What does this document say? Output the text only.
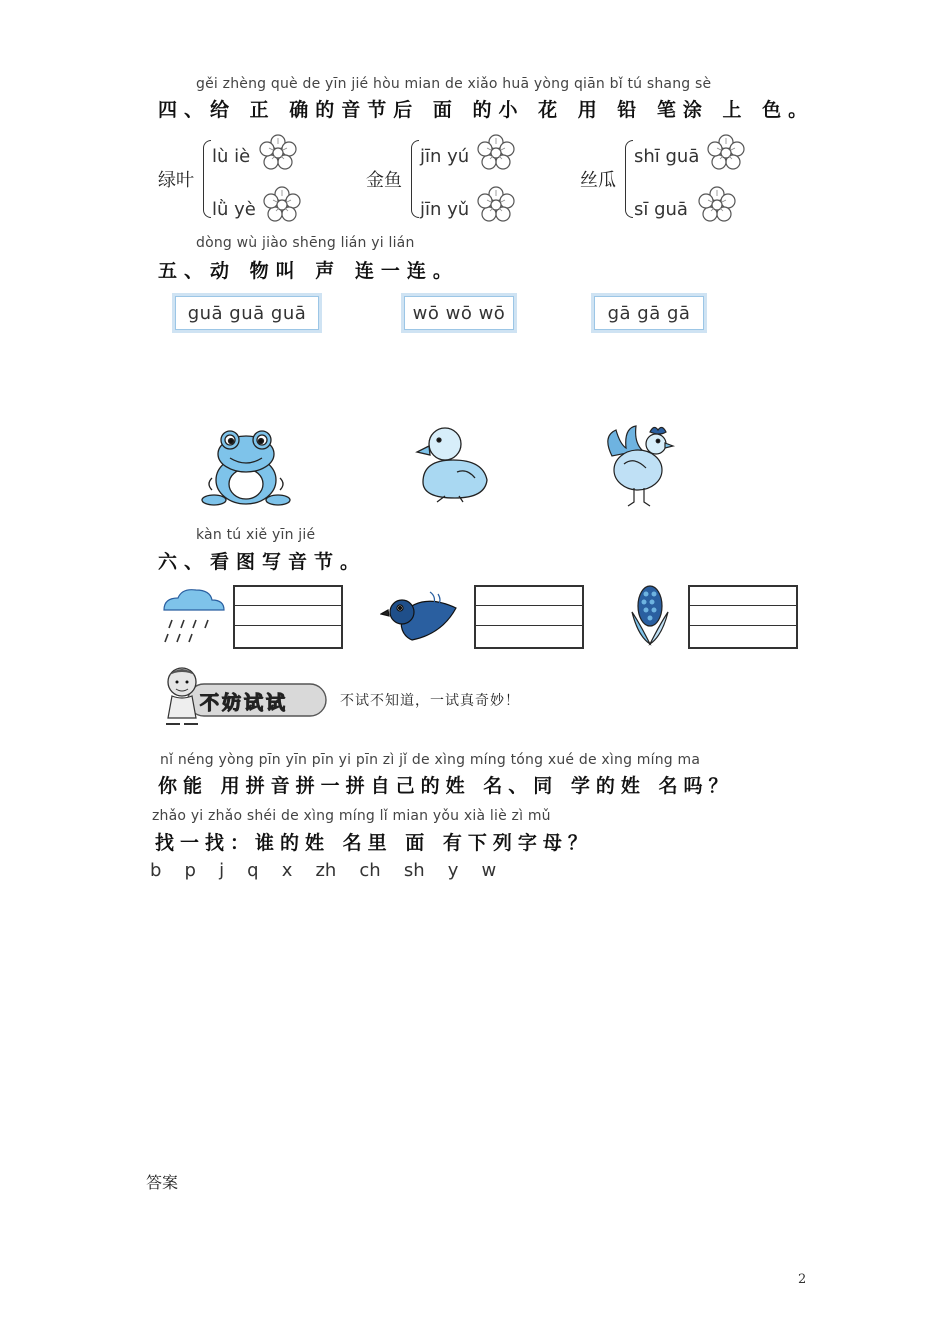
gěi zhèng què de yīn jié hòu mian de xiǎo huā yòng qiān bǐ tú shang sè
四、给 正 确的音节后 面 的小 花 用 铅 笔涂 上 色。
绿叶
lù iè
lǜ yè
金鱼
jīn yú
jīn yǔ
丝瓜
shī guā
sī guā
dòng wù jiào shēng lián yi lián
五、动 物叫 声 连一连。
guā guā guā	wō wō wō	gā gā gā
kàn tú xiě yīn jié
六、看图写音节。
不妨试试	不试不知道，一试真奇妙！
nǐ néng yòng pīn yīn pīn yi pīn zì jǐ de xìng míng tóng xué de xìng míng ma
你能 用拼音拼一拼自己的姓 名、同 学的姓 名吗？
zhǎo yi zhǎo shéi de xìng míng lǐ mian yǒu xià liè zì mǔ
找一找：谁的姓 名里 面 有下列字母？
b p j q x zh ch sh y w
答案
2
